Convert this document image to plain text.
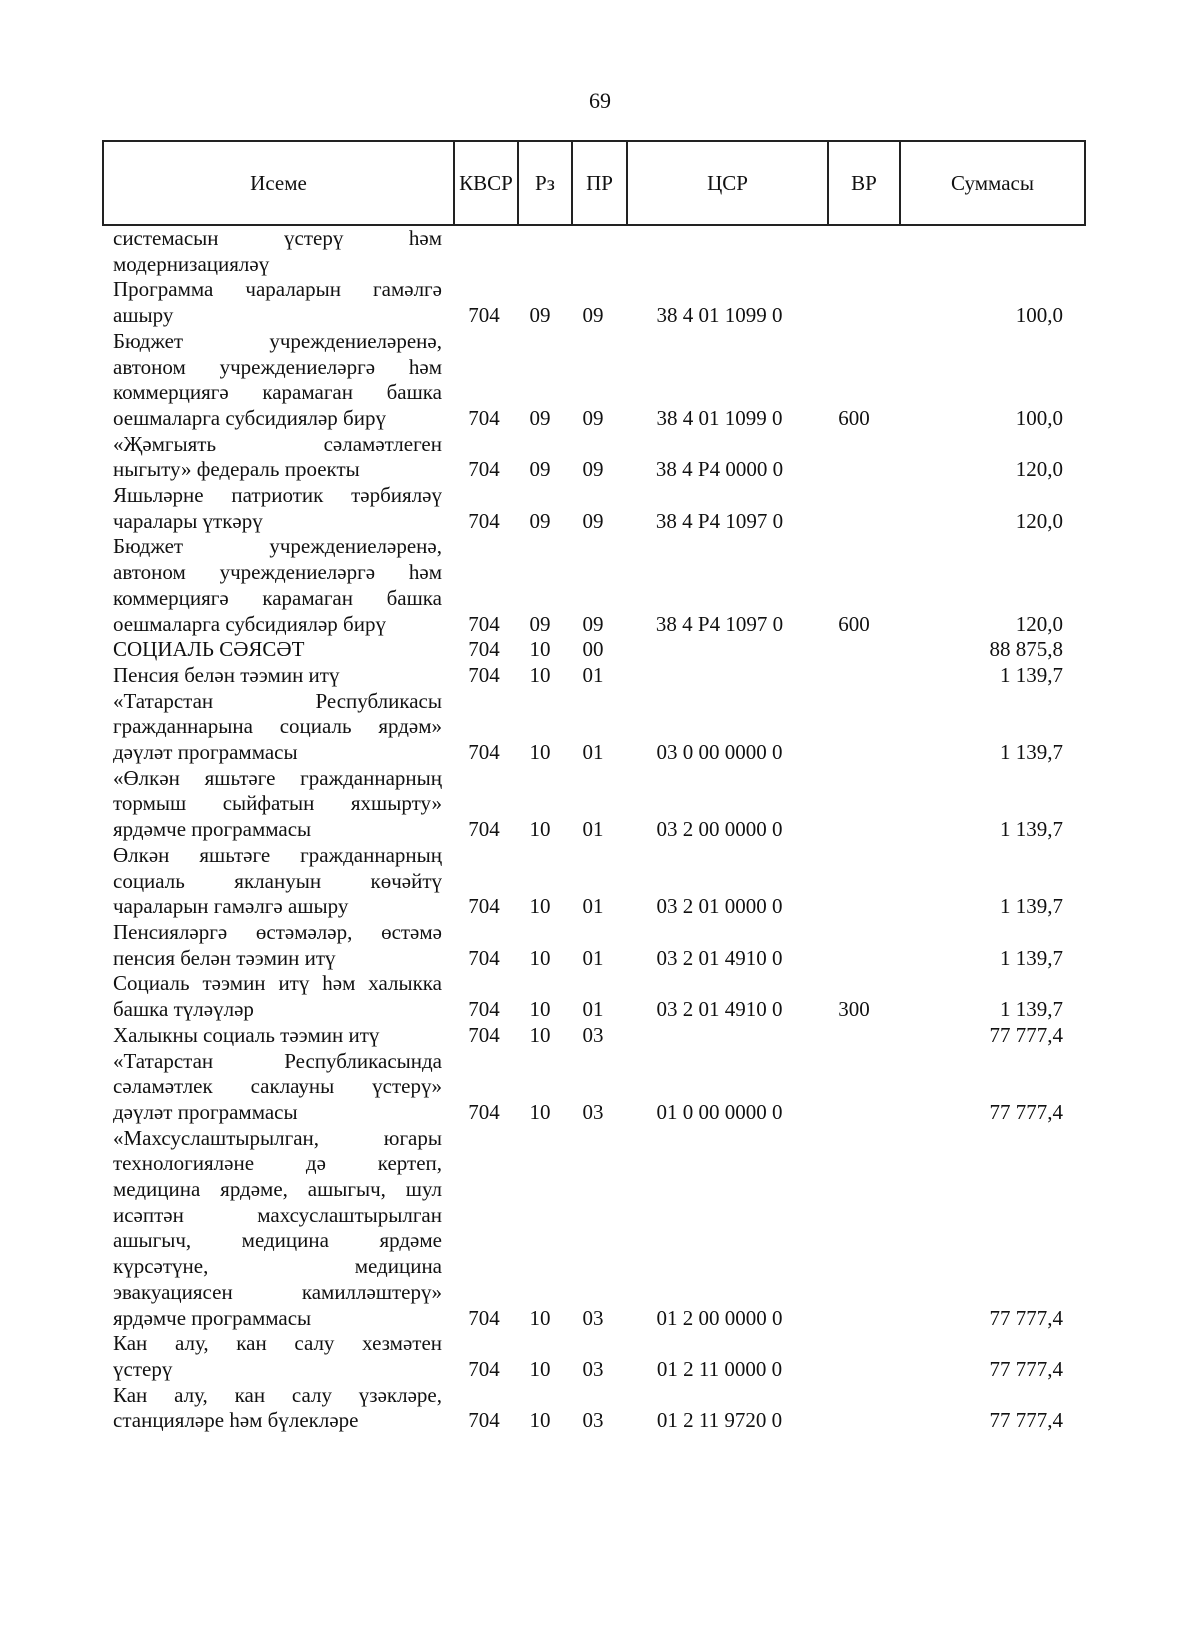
69
Исеме	КВСР	Рз	ПР	ЦСР	ВР	Суммасы
системасын үстерү һәм
модернизацияләү
Программа чараларын гамәлгә
ашыру	704	09	09	38 4 01 1099 0	100,0
Бюджет учреждениеләренә,
автоном учреждениеләргә һәм
коммерциягә карамаган башка
оешмаларга субсидияләр бирү	704	09	09	38 4 01 1099 0	600	100,0
«Җәмгыять сәламәтлеген
ныгыту» федераль проекты	704	09	09	38 4 Р4 0000 0	120,0
Яшьләрне патриотик тәрбияләү
чаралары үткәрү	704	09	09	38 4 Р4 1097 0	120,0
Бюджет учреждениеләренә,
автоном учреждениеләргә һәм
коммерциягә карамаган башка
оешмаларга субсидияләр бирү	704	09	09	38 4 Р4 1097 0	600	120,0
СОЦИАЛЬ СӘЯСӘТ	704	10	00	88 875,8
Пенсия белән тәэмин итү	704	10	01	1 139,7
«Татарстан Республикасы
гражданнарына социаль ярдәм»
дәүләт программасы	704	10	01	03 0 00 0000 0	1 139,7
«Өлкән яшьтәге гражданнарның
тормыш сыйфатын яхшырту»
ярдәмче программасы	704	10	01	03 2 00 0000 0	1 139,7
Өлкән яшьтәге гражданнарның
социаль яклануын көчәйтү
чараларын гамәлгә ашыру	704	10	01	03 2 01 0000 0	1 139,7
Пенсияләргә өстәмәләр, өстәмә
пенсия белән тәэмин итү	704	10	01	03 2 01 4910 0	1 139,7
Социаль тәэмин итү һәм халыкка
башка түләүләр	704	10	01	03 2 01 4910 0	300	1 139,7
Халыкны социаль тәэмин итү	704	10	03	77 777,4
«Татарстан Республикасында
сәламәтлек саклауны үстерү»
дәүләт программасы	704	10	03	01 0 00 0000 0	77 777,4
«Махсуслаштырылган, югары
технологияләне дә кертеп,
медицина ярдәме, ашыгыч, шул
исәптән махсуслаштырылган
ашыгыч, медицина ярдәме
күрсәтүне, медицина
эвакуациясен камилләштерү»
ярдәмче программасы	704	10	03	01 2 00 0000 0	77 777,4
Кан алу, кан салу хезмәтен
үстерү	704	10	03	01 2 11 0000 0	77 777,4
Кан алу, кан салу үзәкләре,
станцияләре һәм бүлекләре	704	10	03	01 2 11 9720 0	77 777,4
